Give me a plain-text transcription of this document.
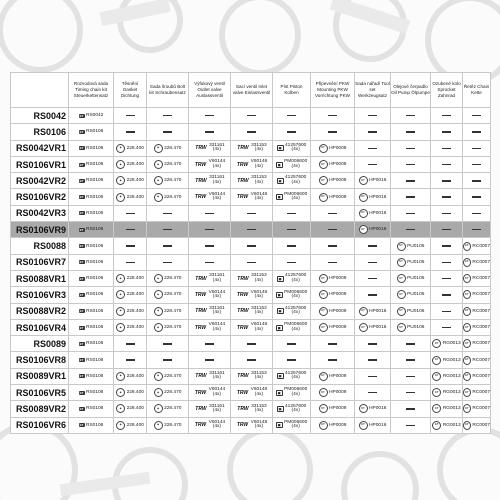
	Rozvodová sada Timing chain kit Steuerkettensatz	Těsnění Gasket Dichtung	Sada šroubů Bolt kit Schraubensatz	Výfukový ventil Outlet valve Auslassventil	Sací ventil Inlet valve Einlassventil	Píst Piston Kolben	Připevnění PKW Mounting PKW Vorrichtung PKW	Sada nářadí Tool set Werkzeugsatz	Olejové čerpadlo Oil Pump Ölpumpe	Ozubené kolo Sprocket Zahnrad	Řetěz Chain Kette
RS0042	ET RS0042										

RS0106	ET RS0106										

RS0042VR1	ET RS0106	◆ 228.400	◆ 228.470	TRW 331161
(4x)	TRW 331153
(4x)	▣
41257600
(4x)	ET HP0009				

RS0106VR1	ET RS0106	◆ 228.400	◆ 228.470	TRW V60144
(4x)	TRW V60148
(4x)	▣
PM006600
(4x)	ET HP0009				

RS0042VR2	ET RS0106	◆ 228.400	◆ 228.470	TRW 331161
(4x)	TRW 331153
(4x)	▣
41257600
(4x)	ET HP0009	ET HP0016			

RS0106VR2	ET RS0106	◆ 228.400	◆ 228.470	TRW V60144
(4x)	TRW V60148
(4x)	▣
PM006600
(4x)	ET HP0009	ET HP0016			

RS0042VR3	ET RS0106							ET HP0016			

RS0106VR9	ET RS0106							ET HP0016			

RS0088	ET RS0106								ET PU0106		ET RC0007

RS0106VR7	ET RS0106								ET PU0106		ET RC0007

RS0088VR1	ET RS0106	◆ 228.400	◆ 228.470	TRW 331161
(4x)	TRW 331153
(4x)	▣
41257600
(4x)	ET HP0009		ET PU0106		ET RC0007

RS0106VR3	ET RS0106	◆ 228.400	◆ 228.470	TRW V60144
(4x)	TRW V60148
(4x)	▣
PM006600
(4x)	ET HP0009		ET PU0106		ET RC0007

RS0088VR2	ET RS0106	◆ 228.400	◆ 228.470	TRW 331161
(4x)	TRW 331153
(4x)	▣
41257600
(4x)	ET HP0009	ET HP0016	ET PU0106		ET RC0007

RS0106VR4	ET RS0106	◆ 228.400	◆ 228.470	TRW V60144
(4x)	TRW V60148
(4x)	▣
PM006600
(4x)	ET HP0009	ET HP0016	ET PU0106		ET RC0007

RS0089	ET RS0106									ET RG0013	ET RC0007

RS0106VR8	ET RS0106									ET RG0013	ET RC0007

RS0089VR1	ET RS0106	◆ 228.400	◆ 228.470	TRW 331161
(4x)	TRW 331153
(4x)	▣
41257600
(4x)	ET HP0009			ET RG0013	ET RC0007

RS0106VR5	ET RS0106	◆ 228.400	◆ 228.470	TRW V60144
(4x)	TRW V60148
(4x)	▣
PM006600
(4x)	ET HP0009			ET RG0013	ET RC0007

RS0089VR2	ET RS0106	◆ 228.400	◆ 228.470	TRW 331161
(4x)	TRW 331153
(4x)	▣
41257600
(4x)	ET HP0009	ET HP0016		ET RG0013	ET RC0007

RS0106VR6	ET RS0106	◆ 228.400	◆ 228.470	TRW V60144
(4x)	TRW V60148
(4x)	▣
PM006600
(4x)	ET HP0009	ET HP0016		ET RG0013	ET RC0007
